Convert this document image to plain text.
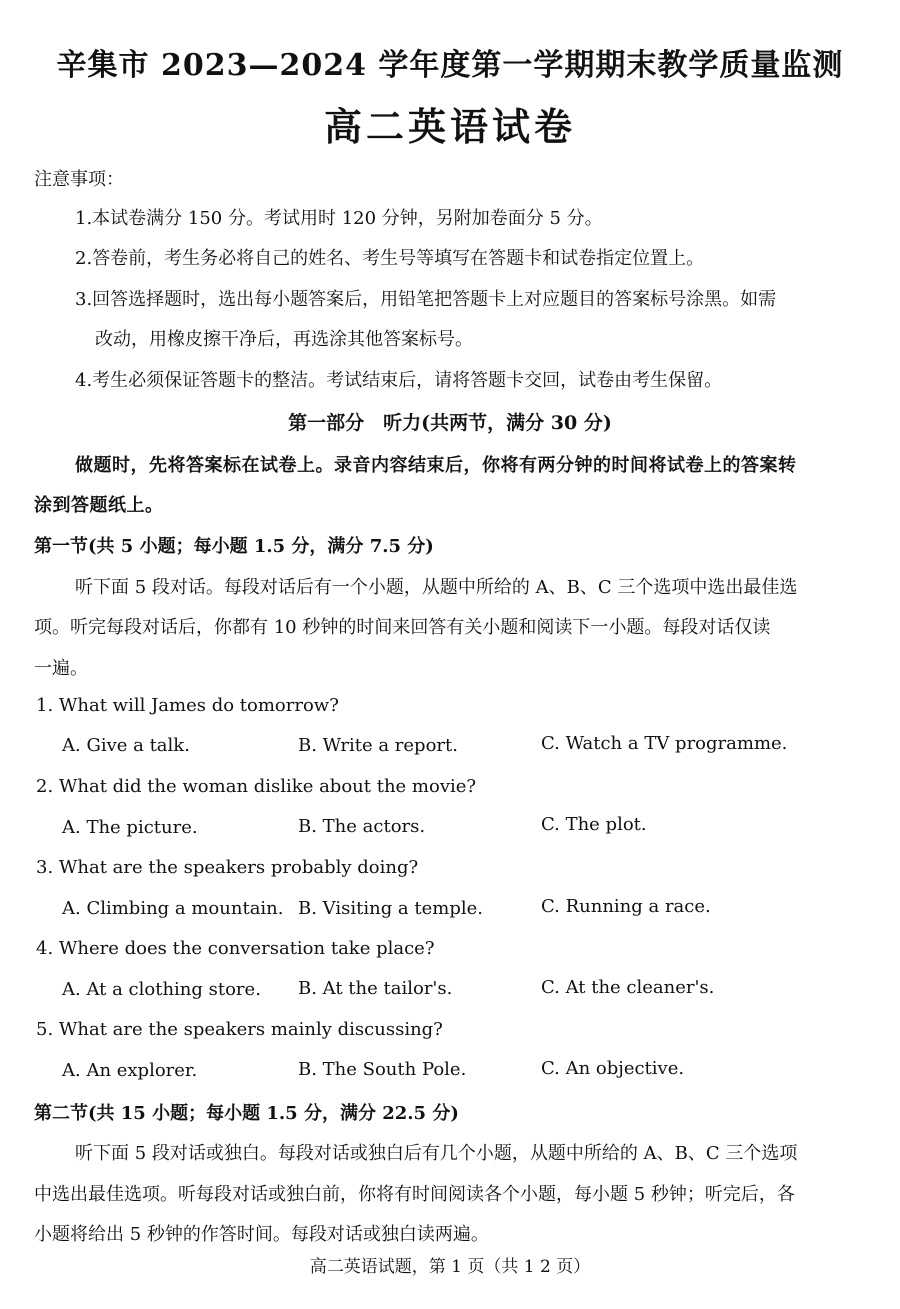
辛集市 2023—2024 学年度第一学期期末教学质量监测
高二英语试卷
注意事项：
1.本试卷满分 150 分。考试用时 120 分钟，另附加卷面分 5 分。
2.答卷前，考生务必将自己的姓名、考生号等填写在答题卡和试卷指定位置上。
3.回答选择题时，选出每小题答案后，用铅笔把答题卡上对应题目的答案标号涂黑。如需
改动，用橡皮擦干净后，再选涂其他答案标号。
4.考生必须保证答题卡的整洁。考试结束后，请将答题卡交回，试卷由考生保留。
第一部分　听力(共两节，满分 30 分)
做题时，先将答案标在试卷上。录音内容结束后，你将有两分钟的时间将试卷上的答案转
涂到答题纸上。
第一节(共 5 小题；每小题 1.5 分，满分 7.5 分)
听下面 5 段对话。每段对话后有一个小题，从题中所给的 A、B、C 三个选项中选出最佳选
项。听完每段对话后，你都有 10 秒钟的时间来回答有关小题和阅读下一小题。每段对话仅读
一遍。
1. What will James do tomorrow?
A. Give a talk.	B. Write a report.	C. Watch a TV programme.
2. What did the woman dislike about the movie?
A. The picture.	B. The actors.	C. The plot.
3. What are the speakers probably doing?
A. Climbing a mountain. B. Visiting a temple.	C. Running a race.
4. Where does the conversation take place?
A. At a clothing store. B. At the tailor's.	C. At the cleaner's.
5. What are the speakers mainly discussing?
A. An explorer.	B. The South Pole.	C. An objective.
第二节(共 15 小题；每小题 1.5 分，满分 22.5 分)
听下面 5 段对话或独白。每段对话或独白后有几个小题，从题中所给的 A、B、C 三个选项
中选出最佳选项。听每段对话或独白前，你将有时间阅读各个小题，每小题 5 秒钟；听完后，各
小题将给出 5 秒钟的作答时间。每段对话或独白读两遍。
高二英语试题，第 1 页（共 1 2 页）
